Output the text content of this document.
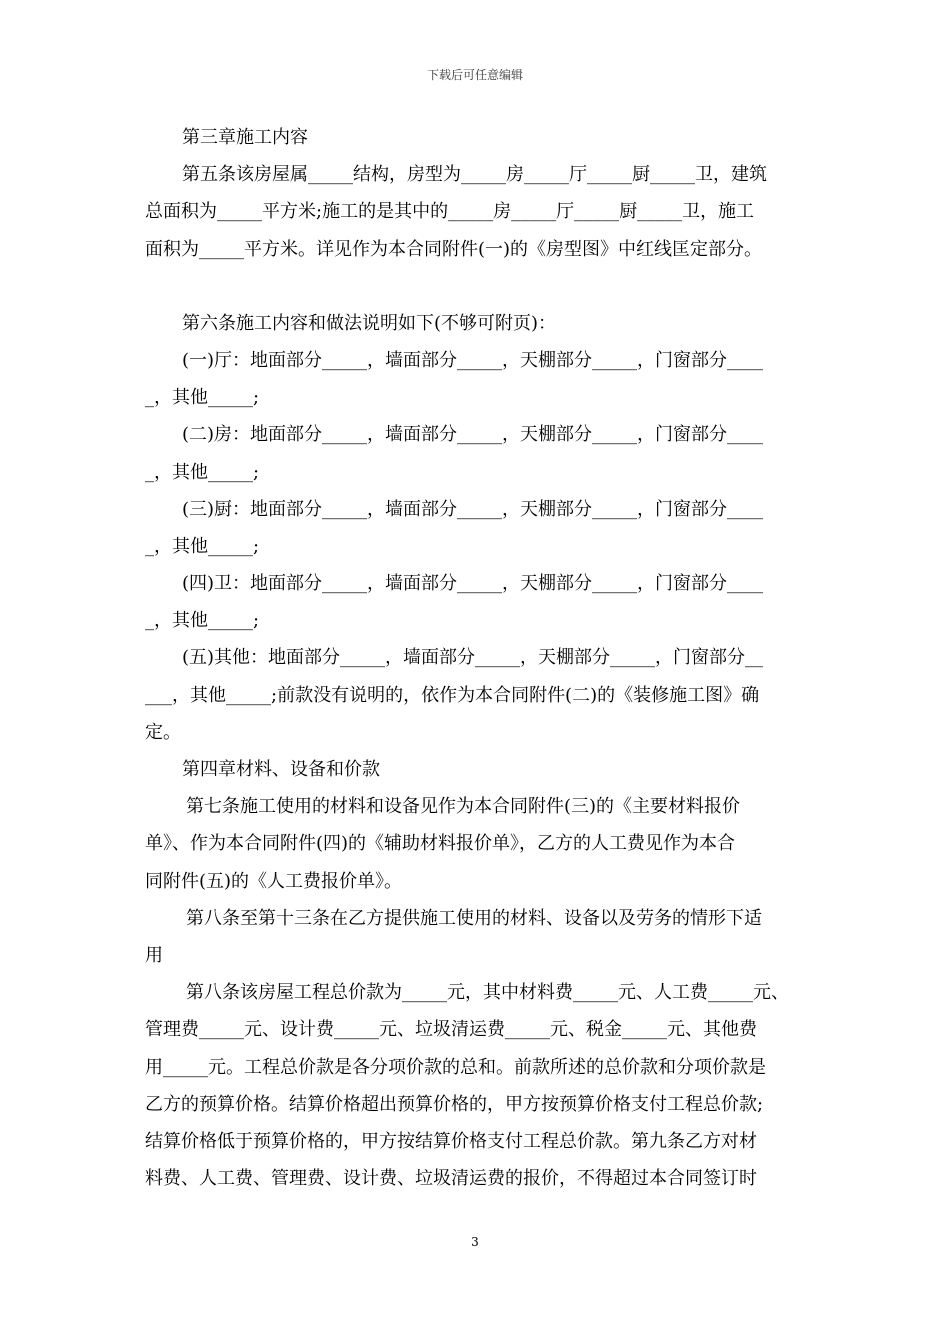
下载后可任意编辑
第三章施工内容
第五条该房屋属_____结构，房型为_____房_____厅_____厨_____卫，建筑
总面积为_____平方米;施工的是其中的_____房_____厅_____厨_____卫，施工
面积为_____平方米。详见作为本合同附件(一)的《房型图》中红线匡定部分。
第六条施工内容和做法说明如下(不够可附页)：
(一)厅：地面部分_____，墙面部分_____，天棚部分_____，门窗部分____
_，其他_____;
(二)房：地面部分_____，墙面部分_____，天棚部分_____，门窗部分____
_，其他_____;
(三)厨：地面部分_____，墙面部分_____，天棚部分_____，门窗部分____
_，其他_____;
(四)卫：地面部分_____，墙面部分_____，天棚部分_____，门窗部分____
_，其他_____;
(五)其他：地面部分_____，墙面部分_____，天棚部分_____，门窗部分__
___，其他_____;前款没有说明的，依作为本合同附件(二)的《装修施工图》确
定。
第四章材料、设备和价款
第七条施工使用的材料和设备见作为本合同附件(三)的《主要材料报价
单》、作为本合同附件(四)的《辅助材料报价单》，乙方的人工费见作为本合
同附件(五)的《人工费报价单》。
第八条至第十三条在乙方提供施工使用的材料、设备以及劳务的情形下适
用
第八条该房屋工程总价款为_____元，其中材料费_____元、人工费_____元、
管理费_____元、设计费_____元、垃圾清运费_____元、税金_____元、其他费
用_____元。工程总价款是各分项价款的总和。前款所述的总价款和分项价款是
乙方的预算价格。结算价格超出预算价格的，甲方按预算价格支付工程总价款;
结算价格低于预算价格的，甲方按结算价格支付工程总价款。第九条乙方对材
料费、人工费、管理费、设计费、垃圾清运费的报价，不得超过本合同签订时
3
